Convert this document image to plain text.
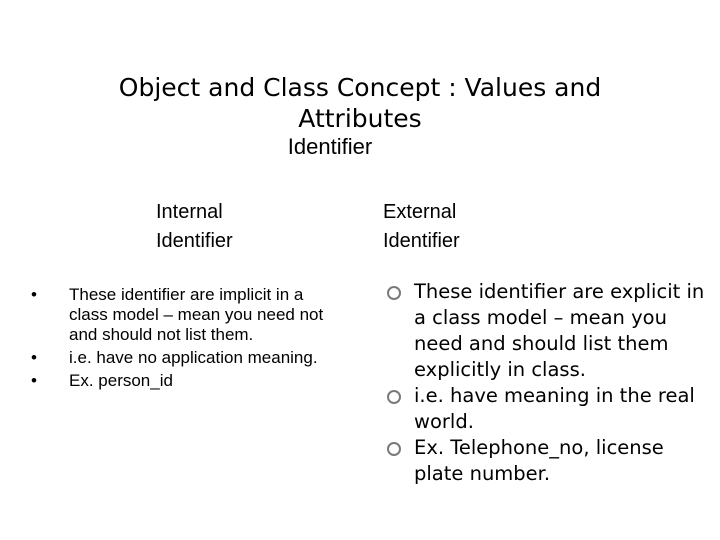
Object and Class Concept : Values and Attributes
Identifier
Internal
Identifier
External
Identifier
• These identifier are implicit in a class model – mean you need not and should not list them.
• i.e. have no application meaning.
• Ex. person_id
These identifier are explicit in a class model – mean you need and should list them explicitly in class.
i.e. have meaning in the real world.
Ex. Telephone_no, license plate number.
